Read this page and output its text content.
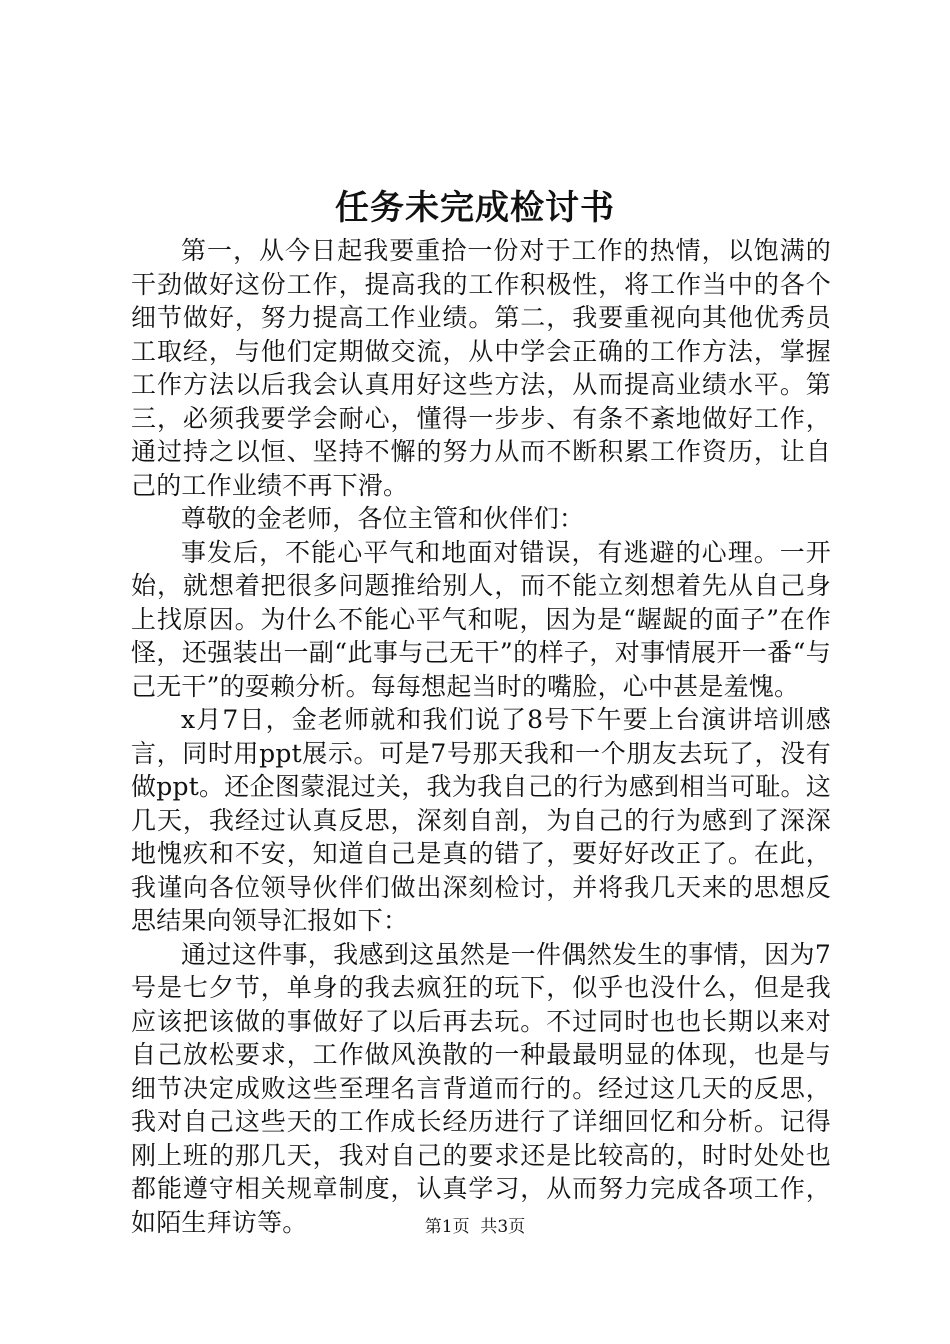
任务未完成检讨书

第一，从今日起我要重拾一份对于工作的热情，以饱满的干劲做好这份工作，提高我的工作积极性，将工作当中的各个细节做好，努力提高工作业绩。第二，我要重视向其他优秀员工取经，与他们定期做交流，从中学会正确的工作方法，掌握工作方法以后我会认真用好这些方法，从而提高业绩水平。第三，必须我要学会耐心，懂得一步步、有条不紊地做好工作，通过持之以恒、坚持不懈的努力从而不断积累工作资历，让自己的工作业绩不再下滑。

尊敬的金老师，各位主管和伙伴们：

事发后，不能心平气和地面对错误，有逃避的心理。一开始，就想着把很多问题推给别人，而不能立刻想着先从自己身上找原因。为什么不能心平气和呢，因为是“龌龊的面子”在作怪，还强装出一副“此事与己无干”的样子，对事情展开一番“与己无干”的耍赖分析。每每想起当时的嘴脸，心中甚是羞愧。

x月7日，金老师就和我们说了8号下午要上台演讲培训感言，同时用ppt展示。可是7号那天我和一个朋友去玩了，没有做ppt。还企图蒙混过关，我为我自己的行为感到相当可耻。这几天，我经过认真反思，深刻自剖，为自己的行为感到了深深地愧疚和不安，知道自己是真的错了，要好好改正了。在此，我谨向各位领导伙伴们做出深刻检讨，并将我几天来的思想反思结果向领导汇报如下：

通过这件事，我感到这虽然是一件偶然发生的事情，因为7号是七夕节，单身的我去疯狂的玩下，似乎也没什么，但是我应该把该做的事做好了以后再去玩。不过同时也也长期以来对自己放松要求，工作做风涣散的一种最最明显的体现，也是与细节决定成败这些至理名言背道而行的。经过这几天的反思，我对自己这些天的工作成长经历进行了详细回忆和分析。记得刚上班的那几天，我对自己的要求还是比较高的，时时处处也都能遵守相关规章制度，认真学习，从而努力完成各项工作，如陌生拜访等。	第1页 共3页
